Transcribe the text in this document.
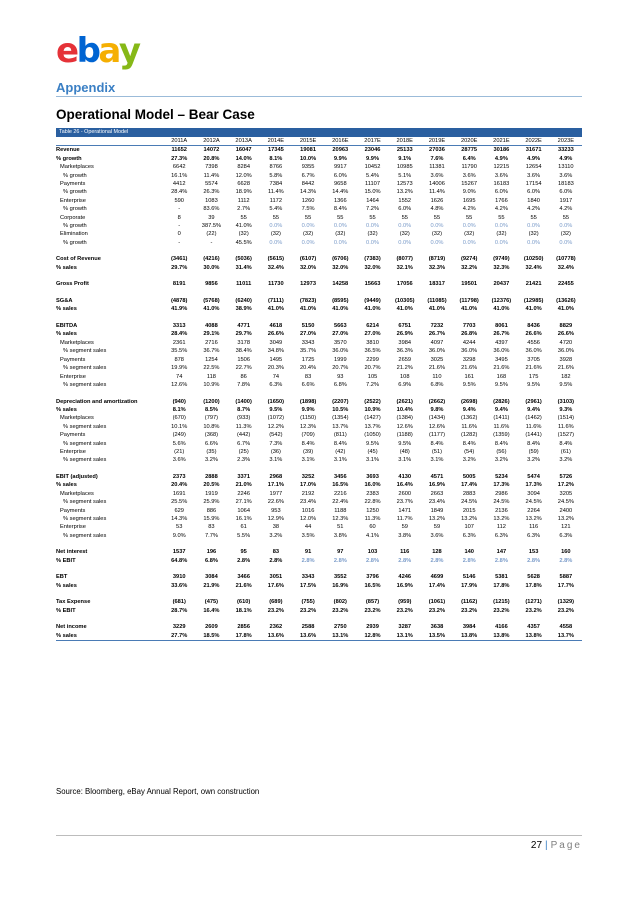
ebay
Appendix
Operational Model – Bear Case
Table 26 - Operational Model
	2011A	2012A	2013A	2014E	2015E	2016E	2017E	2018E	2019E	2020E	2021E	2022E	2023E
Revenue	11652	14072	16047	17345	19081	20963	23046	25133	27036	28775	30186	31671	33233
% growth	27.3%	20.8%	14.0%	8.1%	10.0%	9.9%	9.9%	9.1%	7.6%	6.4%	4.9%	4.9%	4.9%
Marketplaces	6642	7398	8284	8766	9355	9917	10452	10985	11381	11790	12215	12654	13110
% growth	16.1%	11.4%	12.0%	5.8%	6.7%	6.0%	5.4%	5.1%	3.6%	3.6%	3.6%	3.6%	3.6%
Payments	4412	5574	6628	7384	8442	9658	11107	12573	14006	15267	16183	17154	18183
% growth	28.4%	26.3%	18.9%	11.4%	14.3%	14.4%	15.0%	13.2%	11.4%	9.0%	6.0%	6.0%	6.0%
Enterprise	590	1083	1112	1172	1260	1366	1464	1552	1626	1695	1766	1840	1917
% growth	-	83.6%	2.7%	5.4%	7.5%	8.4%	7.2%	6.0%	4.8%	4.2%	4.2%	4.2%	4.2%
Corporate	8	39	55	55	55	55	55	55	55	55	55	55	55
% growth	-	387.5%	41.0%	0.0%	0.0%	0.0%	0.0%	0.0%	0.0%	0.0%	0.0%	0.0%	0.0%
Elimination	0	(22)	(32)	(32)	(32)	(32)	(32)	(32)	(32)	(32)	(32)	(32)	(32)
% growth	-	-	45.5%	0.0%	0.0%	0.0%	0.0%	0.0%	0.0%	0.0%	0.0%	0.0%	0.0%

Cost of Revenue	(3461)	(4216)	(5036)	(5615)	(6107)	(6706)	(7383)	(8077)	(8719)	(9274)	(9749)	(10250)	(10778)
% sales	29.7%	30.0%	31.4%	32.4%	32.0%	32.0%	32.0%	32.1%	32.3%	32.2%	32.3%	32.4%	32.4%

Gross Profit	8191	9856	11011	11730	12973	14258	15663	17056	18317	19501	20437	21421	22455

SG&A	(4878)	(5768)	(6240)	(7111)	(7823)	(8595)	(9449)	(10305)	(11085)	(11798)	(12376)	(12985)	(13626)
% sales	41.9%	41.0%	38.9%	41.0%	41.0%	41.0%	41.0%	41.0%	41.0%	41.0%	41.0%	41.0%	41.0%

EBITDA	3313	4088	4771	4618	5150	5663	6214	6751	7232	7703	8061	8436	8829
% sales	28.4%	29.1%	29.7%	26.6%	27.0%	27.0%	27.0%	26.9%	26.7%	26.8%	26.7%	26.6%	26.6%
Marketplaces	2361	2716	3178	3049	3343	3570	3810	3984	4097	4244	4397	4556	4720
% segment sales	35.5%	36.7%	38.4%	34.8%	35.7%	36.0%	36.5%	36.3%	36.0%	36.0%	36.0%	36.0%	36.0%
Payments	878	1254	1506	1495	1725	1999	2299	2659	3025	3298	3495	3705	3928
% segment sales	19.9%	22.5%	22.7%	20.3%	20.4%	20.7%	20.7%	21.2%	21.6%	21.6%	21.6%	21.6%	21.6%
Enterprise	74	118	86	74	83	93	105	108	110	161	168	175	182
% segment sales	12.6%	10.9%	7.8%	6.3%	6.6%	6.8%	7.2%	6.9%	6.8%	9.5%	9.5%	9.5%	9.5%

Depreciation and amortization	(940)	(1200)	(1400)	(1650)	(1898)	(2207)	(2522)	(2621)	(2662)	(2698)	(2826)	(2961)	(3103)
% sales	8.1%	8.5%	8.7%	9.5%	9.9%	10.5%	10.9%	10.4%	9.8%	9.4%	9.4%	9.4%	9.3%
Marketplaces	(670)	(797)	(933)	(1072)	(1150)	(1354)	(1427)	(1384)	(1434)	(1362)	(1411)	(1462)	(1514)
% segment sales	10.1%	10.8%	11.3%	12.2%	12.3%	13.7%	13.7%	12.6%	12.6%	11.6%	11.6%	11.6%	11.6%
Payments	(249)	(368)	(442)	(542)	(709)	(811)	(1050)	(1188)	(1177)	(1282)	(1359)	(1441)	(1527)
% segment sales	5.6%	6.6%	6.7%	7.3%	8.4%	8.4%	9.5%	9.5%	8.4%	8.4%	8.4%	8.4%	8.4%
Enterprise	(21)	(35)	(25)	(36)	(39)	(42)	(45)	(48)	(51)	(54)	(56)	(59)	(61)
% segment sales	3.6%	3.2%	2.3%	3.1%	3.1%	3.1%	3.1%	3.1%	3.1%	3.2%	3.2%	3.2%	3.2%

EBIT (adjusted)	2373	2888	3371	2968	3252	3456	3693	4130	4571	5005	5234	5474	5726
% sales	20.4%	20.5%	21.0%	17.1%	17.0%	16.5%	16.0%	16.4%	16.9%	17.4%	17.3%	17.3%	17.2%
Marketplaces	1691	1919	2246	1977	2192	2216	2383	2600	2663	2883	2986	3094	3205
% segment sales	25.5%	25.9%	27.1%	22.6%	23.4%	22.4%	22.8%	23.7%	23.4%	24.5%	24.5%	24.5%	24.5%
Payments	629	886	1064	953	1016	1188	1250	1471	1849	2015	2136	2264	2400
% segment sales	14.3%	15.9%	16.1%	12.9%	12.0%	12.3%	11.3%	11.7%	13.2%	13.2%	13.2%	13.2%	13.2%
Enterprise	53	83	61	38	44	51	60	59	59	107	112	116	121
% segment sales	9.0%	7.7%	5.5%	3.2%	3.5%	3.8%	4.1%	3.8%	3.6%	6.3%	6.3%	6.3%	6.3%

Net interest	1537	196	95	83	91	97	103	116	128	140	147	153	160
% EBIT	64.8%	6.8%	2.8%	2.8%	2.8%	2.8%	2.8%	2.8%	2.8%	2.8%	2.8%	2.8%	2.8%

EBT	3910	3084	3466	3051	3343	3552	3796	4246	4699	5146	5381	5628	5887
% sales	33.6%	21.9%	21.6%	17.6%	17.5%	16.9%	16.5%	16.9%	17.4%	17.9%	17.8%	17.8%	17.7%

Tax Expense	(681)	(475)	(610)	(689)	(755)	(802)	(857)	(959)	(1061)	(1162)	(1215)	(1271)	(1329)
% EBIT	28.7%	16.4%	18.1%	23.2%	23.2%	23.2%	23.2%	23.2%	23.2%	23.2%	23.2%	23.2%	23.2%

Net income	3229	2609	2856	2362	2588	2750	2939	3287	3638	3984	4166	4357	4558
% sales	27.7%	18.5%	17.8%	13.6%	13.6%	13.1%	12.8%	13.1%	13.5%	13.8%	13.8%	13.8%	13.7%
Source: Bloomberg, eBay Annual Report, own construction
27 | Page
